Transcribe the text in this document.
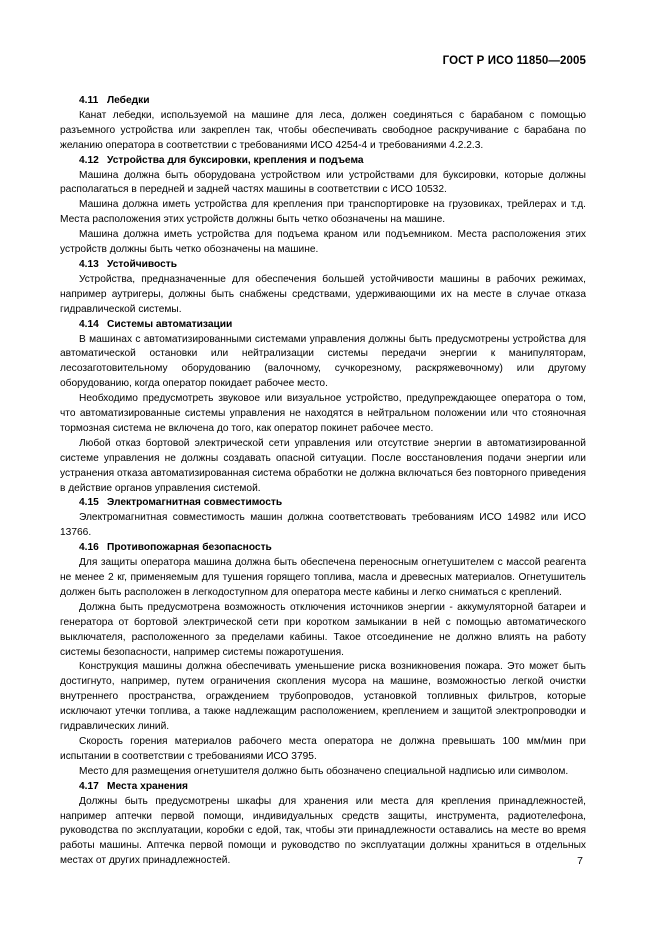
ГОСТ Р ИСО 11850—2005

4.11 Лебедки

Канат лебедки, используемой на машине для леса, должен соединяться с барабаном с помощью разъемного устройства или закреплен так, чтобы обеспечивать свободное раскручивание с барабана по желанию оператора в соответствии с требованиями ИСО 4254-4 и требованиями 4.2.2.3.

4.12 Устройства для буксировки, крепления и подъема

Машина должна быть оборудована устройством или устройствами для буксировки, которые должны располагаться в передней и задней частях машины в соответствии с ИСО 10532.

Машина должна иметь устройства для крепления при транспортировке на грузовиках, трейлерах и т.д. Места расположения этих устройств должны быть четко обозначены на машине.

Машина должна иметь устройства для подъема краном или подъемником. Места расположения этих устройств должны быть четко обозначены на машине.

4.13 Устойчивость

Устройства, предназначенные для обеспечения большей устойчивости машины в рабочих режимах, например аутригеры, должны быть снабжены средствами, удерживающими их на месте в случае отказа гидравлической системы.

4.14 Системы автоматизации

В машинах с автоматизированными системами управления должны быть предусмотрены устройства для автоматической остановки или нейтрализации системы передачи энергии к манипуляторам, лесозаготовительному оборудованию (валочному, сучкорезному, раскряжевочному) или другому оборудованию, когда оператор покидает рабочее место.

Необходимо предусмотреть звуковое или визуальное устройство, предупреждающее оператора о том, что автоматизированные системы управления не находятся в нейтральном положении или что стояночная тормозная система не включена до того, как оператор покинет рабочее место.

Любой отказ бортовой электрической сети управления или отсутствие энергии в автоматизированной системе управления не должны создавать опасной ситуации. После восстановления подачи энергии или устранения отказа автоматизированная система обработки не должна включаться без повторного приведения в действие органов управления системой.

4.15 Электромагнитная совместимость

Электромагнитная совместимость машин должна соответствовать требованиям ИСО 14982 или ИСО 13766.

4.16 Противопожарная безопасность

Для защиты оператора машина должна быть обеспечена переносным огнетушителем с массой реагента не менее 2 кг, применяемым для тушения горящего топлива, масла и древесных материалов. Огнетушитель должен быть расположен в легкодоступном для оператора месте кабины и легко сниматься с креплений.

Должна быть предусмотрена возможность отключения источников энергии - аккумуляторной батареи и генератора от бортовой электрической сети при коротком замыкании в ней с помощью автоматического выключателя, расположенного за пределами кабины. Такое отсоединение не должно влиять на работу системы безопасности, например системы пожаротушения.

Конструкция машины должна обеспечивать уменьшение риска возникновения пожара. Это может быть достигнуто, например, путем ограничения скопления мусора на машине, возможностью легкой очистки внутреннего пространства, ограждением трубопроводов, установкой топливных фильтров, которые исключают утечки топлива, а также надлежащим расположением, креплением и защитой электропроводки и гидравлических линий.

Скорость горения материалов рабочего места оператора не должна превышать 100 мм/мин при испытании в соответствии с требованиями ИСО 3795.

Место для размещения огнетушителя должно быть обозначено специальной надписью или символом.

4.17 Места хранения

Должны быть предусмотрены шкафы для хранения или места для крепления принадлежностей, например аптечки первой помощи, индивидуальных средств защиты, инструмента, радиотелефона, руководства по эксплуатации, коробки с едой, так, чтобы эти принадлежности оставались на месте во время работы машины. Аптечка первой помощи и руководство по эксплуатации должны храниться в отдельных местах от других принадлежностей.	7
